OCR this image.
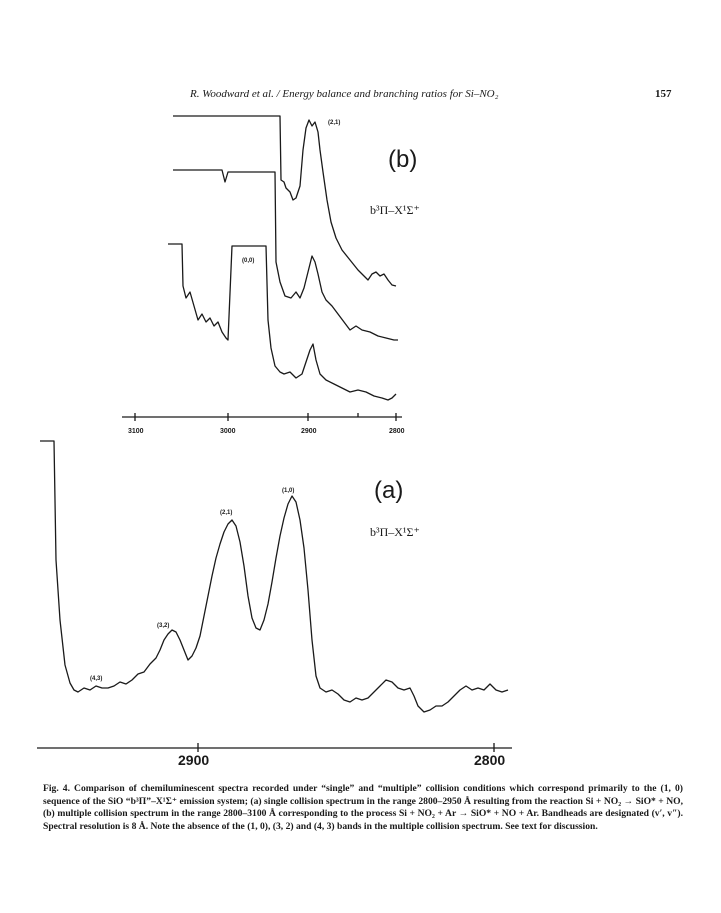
R. Woodward et al. / Energy balance and branching ratios for Si–NO₂	157
(b)
b³Π–X¹Σ⁺
(2,1)
(0,0)
3100	3000	2900	2800
(a)
b³Π–X¹Σ⁺
(1,0)
(2,1)
(3,2)
(4,3)
2900	2800
Fig. 4. Comparison of chemiluminescent spectra recorded under “single” and “multiple” collision conditions which correspond primarily to the (1, 0) sequence of the SiO “b³Π”–X¹Σ⁺ emission system; (a) single collision spectrum in the range 2800–2950 Å resulting from the reaction Si + NO₂ → SiO* + NO, (b) multiple collision spectrum in the range 2800–3100 Å corresponding to the process Si + NO₂ + Ar → SiO* + NO + Ar. Bandheads are designated (v′, v″). Spectral resolution is 8 Å. Note the absence of the (1, 0), (3, 2) and (4, 3) bands in the multiple collision spectrum. See text for discussion.
